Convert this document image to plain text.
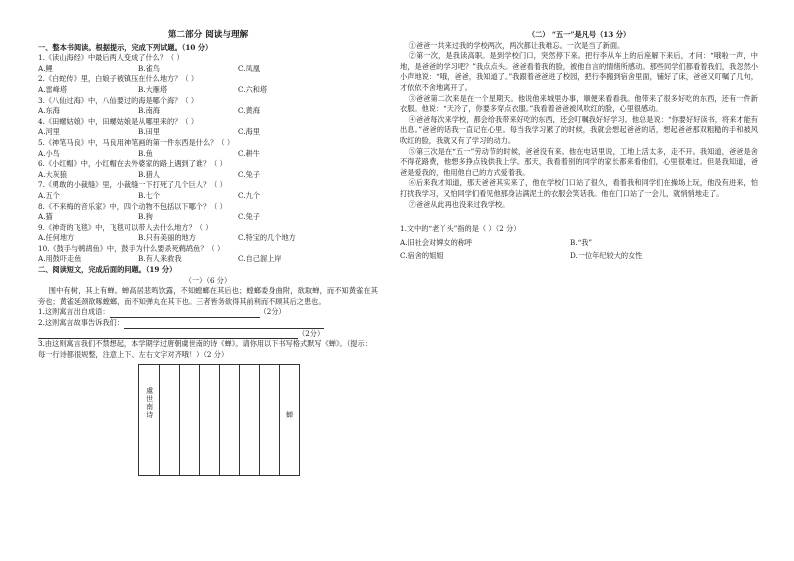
第二部分 阅读与理解
一、整本书阅读。根据提示，完成下列试题。（10 分）
1.《读山海经》中最后两人变成了什么？（ ）
A.鲤	B.雀鸟	C.凤凰
2.《白蛇传》里，白娘子被镇压在什么地方？（ ）
A.雷峰塔	B.大雁塔	C.六和塔
3.《八仙过海》中，八仙要过的海是哪个海？（ ）
A.东海	B.南海	C.黄海
4.《田螺姑娘》中，田螺姑娘是从哪里来的？（ ）
A.河里	B.田里	C.海里
5.《神笔马良》中，马良用神笔画的第一件东西是什么？（ ）
A.小鸟	B.鱼	C.耕牛
6.《小红帽》中，小红帽在去外婆家的路上遇到了谁？（ ）
A.大灰狼	B.猎人	C.兔子
7.《勇敢的小裁缝》里，小裁缝一下打死了几个巨人？（ ）
A.五个	B.七个	C.九个
8.《不来梅的音乐家》中，四个动物不包括以下哪个？（ ）
A.猫	B.狗	C.兔子
9.《神奇的飞毯》中，飞毯可以带人去什么地方？（ ）
A.任何地方	B.只有美丽的地方	C.特宝的几个地方
10.《鼓手与鹈鸪鱼》中，鼓手为什么要杀死鹈鸪鱼？（ ）
A.用鼓吓走鱼	B.有人来救我	C.自己溜上岸
二、阅读短文，完成后面的问题。（19 分）
（一）（6 分）
围中有树，其上有蝉。蝉高居悲鸣饮露，不知螳螂在其后也；螳螂委身曲附，欲取蝉，而不知黄雀在其旁也；黄雀延颈欲啄螳螂，而不知弹丸在其下也。三者皆务欲得其前利而不顾其后之患也。
1.这则寓言出自成语：	（2分）
2.这则寓言故事告诉我们：
（2分）
3.由这则寓言我们不禁想起，本学期学过唐朝虞世南的诗《蝉》。请你用以下书写格式默写《蝉》。（提示：每一行诗都很规整，注意上下、左右文字对齐哦！）（2 分）
虞世南诗	蝉
（二） “五一”是凡号（13 分）

①爸爸一共来过我的学校两次，两次都让我难忘。一次是当了新面。

②第一次，是我读高职。是到学校门口，突然停下来。把行李从车上的后座解下来后，才问：“哦啦一声，中地，是爸爸的学习吧？”我点点头。爸爸看着我的脸，被他自言的情绪所感动。那些同学们都看着我们，我忽然小小声地说：“哦，爸爸，我知道了。”我跟着爸爸进了校园，把行李搬到宿舍里面，铺好了床，爸爸又叮嘱了几句，才依依不舍地离开了。

③爸爸第二次来是在一个星期天。他说他来城里办事，顺便来看看我。他带来了很多好吃的东西，还有一件新衣服。他说：“天冷了，你要多穿点衣服。”我看着爸爸被风吹红的脸，心里很感动。

④爸爸每次来学校，都会给我带来好吃的东西，还会叮嘱我好好学习。他总是说：“你要好好读书，将来才能有出息。”爸爸的话我一直记在心里。每当我学习累了的时候，我就会想起爸爸的话，想起爸爸那双粗糙的手和被风吹红的脸，我就又有了学习的动力。

⑤第三次是在“五一”劳动节的时候，爸爸没有来。他在电话里说，工地上活太多，走不开。我知道，爸爸是舍不得花路费，他想多挣点钱供我上学。那天，我看着别的同学的家长都来看他们，心里很难过。但是我知道，爸爸是爱我的，他用他自己的方式爱着我。

⑥后来我才知道，那天爸爸其实来了，他在学校门口站了很久，看着我和同学们在操场上玩，他没有进来，怕打扰我学习，又怕同学们看见他那身沾满泥土的衣服会笑话我。他在门口站了一会儿，就悄悄地走了。

⑦爸爸从此再也没来过我学校。

1.文中的“老丫头”指的是（ ）（2 分）
A.旧社会对婢女的称呼	B.“我”
C.宿舍的姐姐	D.一位年纪较大的女性
